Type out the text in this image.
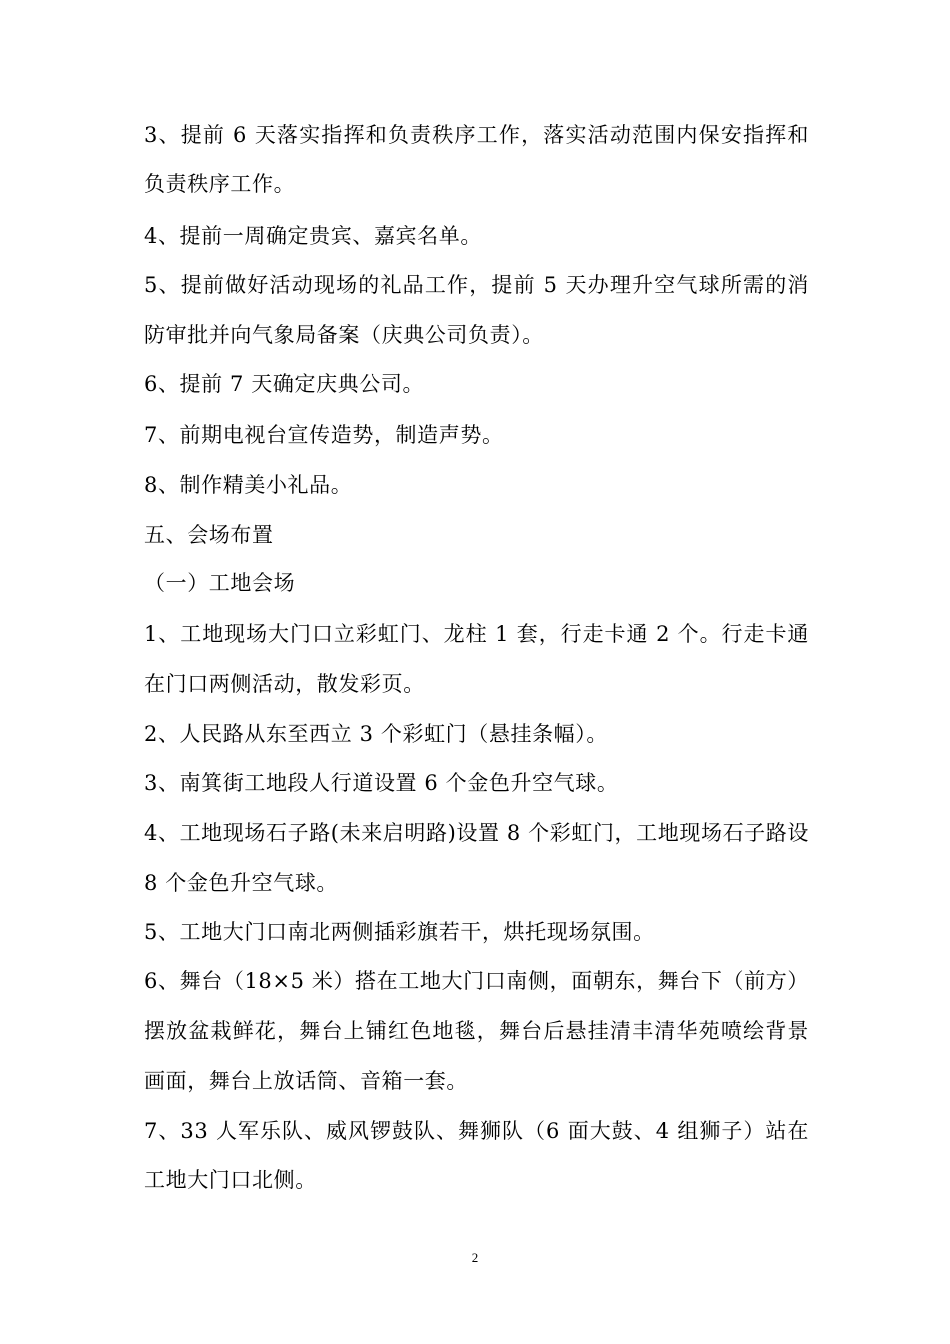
3、提前 6 天落实指挥和负责秩序工作，落实活动范围内保安指挥和
负责秩序工作。
4、提前一周确定贵宾、嘉宾名单。
5、提前做好活动现场的礼品工作，提前 5 天办理升空气球所需的消
防审批并向气象局备案（庆典公司负责）。
6、提前 7 天确定庆典公司。
7、前期电视台宣传造势，制造声势。
8、制作精美小礼品。
五、会场布置
（一）工地会场
1、工地现场大门口立彩虹门、龙柱 1 套，行走卡通 2 个。行走卡通
在门口两侧活动，散发彩页。
2、人民路从东至西立 3 个彩虹门（悬挂条幅）。
3、南箕街工地段人行道设置 6 个金色升空气球。
4、工地现场石子路(未来启明路)设置 8 个彩虹门，工地现场石子路设
8 个金色升空气球。
5、工地大门口南北两侧插彩旗若干，烘托现场氛围。
6、舞台（18×5 米）搭在工地大门口南侧，面朝东，舞台下（前方）
摆放盆栽鲜花，舞台上铺红色地毯，舞台后悬挂清丰清华苑喷绘背景
画面，舞台上放话筒、音箱一套。
7、33 人军乐队、威风锣鼓队、舞狮队（6 面大鼓、4 组狮子）站在
工地大门口北侧。
2
